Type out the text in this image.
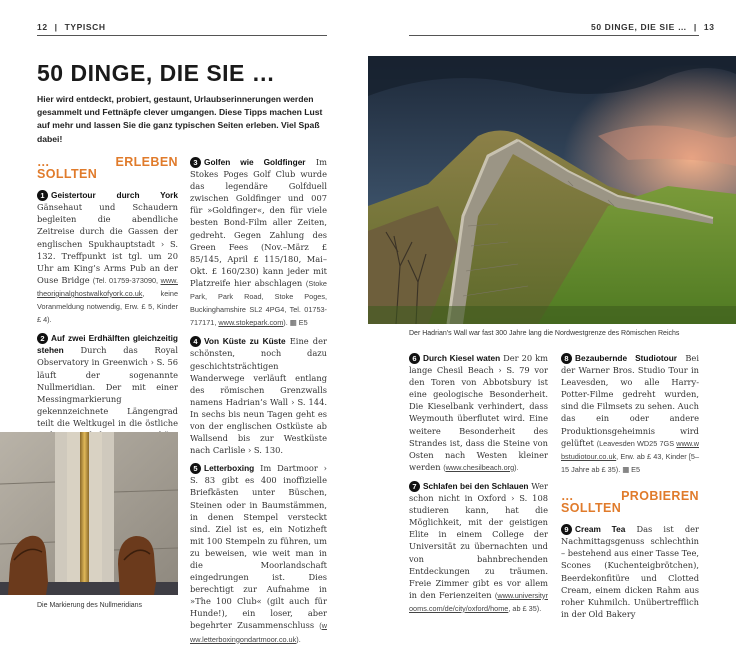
12 | TYPISCH	50 DINGE, DIE SIE … | 13
50 DINGE, DIE SIE …
Hier wird entdeckt, probiert, gestaunt, Urlaubserinnerungen werden gesammelt und Fettnäpfe clever umgangen. Diese Tipps machen Lust auf mehr und lassen Sie die ganz typischen Seiten erleben. Viel Spaß dabei!
… ERLEBEN SOLLTEN

1 Geistertour durch York Gänsehaut und Schaudern begleiten die abendliche Zeitreise durch die Gassen der englischen Spukhauptstadt › S. 132. Treffpunkt ist tgl. um 20 Uhr am King’s Arms Pub an der Ouse Bridge (Tel. 01759-373090, www.theoriginalghostwalkofyork.co.uk, keine Voranmeldung notwendig, Erw. £ 5, Kinder £ 4).

2 Auf zwei Erdhälften gleichzeitig stehen Durch das Royal Observatory in Greenwich › S. 56 läuft der sogenannte Nullmeridian. Der mit einer Messingmarkierung gekennzeichnete Längengrad teilt die Weltkugel in die östliche

Die Markierung des Nullmeridians

3 Golfen wie Goldfinger Im Stokes Poges Golf Club wurde das legendäre Golfduell zwischen Goldfinger und 007 für »Goldfinger«, den für viele besten Bond-Film aller Zeiten, gedreht. Gegen Zahlung des Green Fees (Nov.–März £ 85/145, April £ 115/180, Mai–Okt. £ 160/230) kann jeder mit Platzreife hier abschlagen (Stoke Park, Park Road, Stoke Poges, Buckinghamshire SL2 4PG4, Tel. 01753-717171, www.stokepark.com). ▦ E5

4 Von Küste zu Küste Eine der schönsten, noch dazu geschichtsträchtigen Wanderwege verläuft entlang des römischen Grenzwalls namens Hadrian’s Wall › S. 144. In sechs bis neun Tagen geht es von der englischen Ostküste ab Wallsend bis zur Westküste nach Carlisle › S. 130.

5 Letterboxing Im Dartmoor › S. 83 gibt es 400 inoffizielle Briefkästen unter Büschen, Steinen oder in Baumstämmen, in denen Stempel versteckt sind. Ziel ist es, ein Notizheft mit 100 Stempeln zu führen, um zu beweisen, wie weit man in die Moorlandschaft eingedrungen ist. Dies berechtigt zur Aufnahme in »The 100 Club« (gilt auch für Hunde!), ein loser, aber begehrter Zusammenschluss (www.letterboxingondartmoor.co.uk).

Der Hadrian’s Wall war fast 300 Jahre lang die Nordwestgrenze des Römischen Reichs

6 Durch Kiesel waten Der 20 km lange Chesil Beach › S. 79 vor den Toren von Abbotsbury ist eine geologische Besonderheit. Die Kieselbank verhindert, dass Weymouth überflutet wird. Eine weitere Besonderheit des Strandes ist, dass die Steine von Osten nach Westen kleiner werden (www.chesilbeach.org).

7 Schlafen bei den Schlauen Wer schon nicht in Oxford › S. 108 studieren kann, hat die Möglichkeit, mit der geistigen Elite in einem College der Universität zu übernachten und von bahnbrechenden Entdeckungen zu träumen. Freie Zimmer gibt es vor allem in den Ferienzeiten (www.universityrooms.com/de/city/oxford/home, ab £ 35).

8 Bezaubernde Studiotour Bei der Warner Bros. Studio Tour in Leavesden, wo alle Harry-Potter-Filme gedreht wurden, sind die Filmsets zu sehen. Auch das ein oder andere Produktionsgeheimnis wird gelüftet (Leavesden WD25 7GS www.wbstudiotour.co.uk, Erw. ab £ 43, Kinder [5–15 Jahre ab £ 35). ▦ E5

… PROBIEREN SOLLTEN

9 Cream Tea Das ist der Nachmittagsgenuss schlechthin – bestehend aus einer Tasse Tee, Scones (Kuchenteigbrötchen), Beerdekonfitüre und Clotted Cream, einem dicken Rahm aus roher Kuhmilch. Unübertrefflich in der Old Bakery
